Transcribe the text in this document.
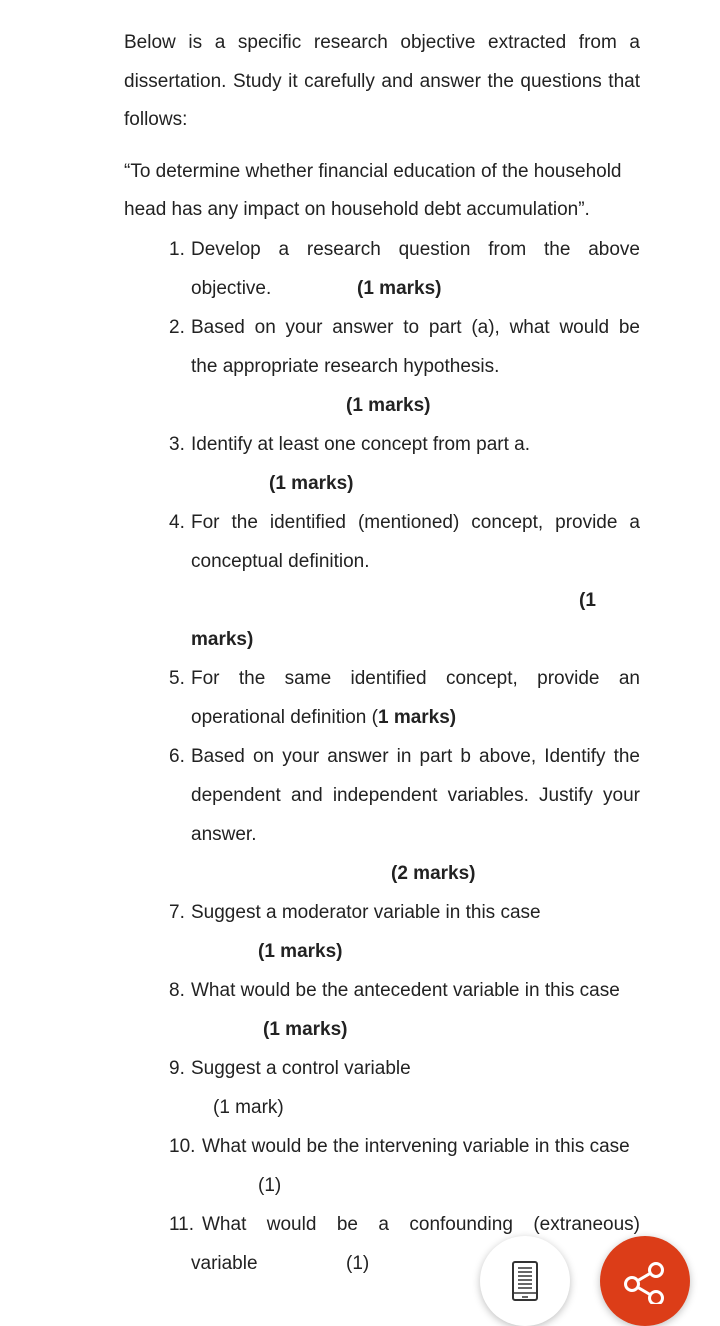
Below is a specific research objective extracted from a dissertation. Study it carefully and answer the questions that follows:

“To determine whether financial education of the household head has any impact on household debt accumulation”.

1. Develop a research question from the above
objective.	(1 marks)
2. Based on your answer to part (a), what would be
the appropriate research hypothesis.
(1 marks)
3. Identify at least one concept from part a.
(1 marks)
4. For the identified (mentioned) concept, provide a
conceptual definition.
(1
marks)
5. For the same identified concept, provide an
operational definition (1 marks)
6. Based on your answer in part b above, Identify the
dependent and independent variables. Justify your
answer.
(2 marks)
7. Suggest a moderator variable in this case
(1 marks)
8. What would be the antecedent variable in this case
(1 marks)
9. Suggest a control variable
(1 mark)
10. What would be the intervening variable in this case
(1)
11. What would be a confounding (extraneous)
variable	(1)
